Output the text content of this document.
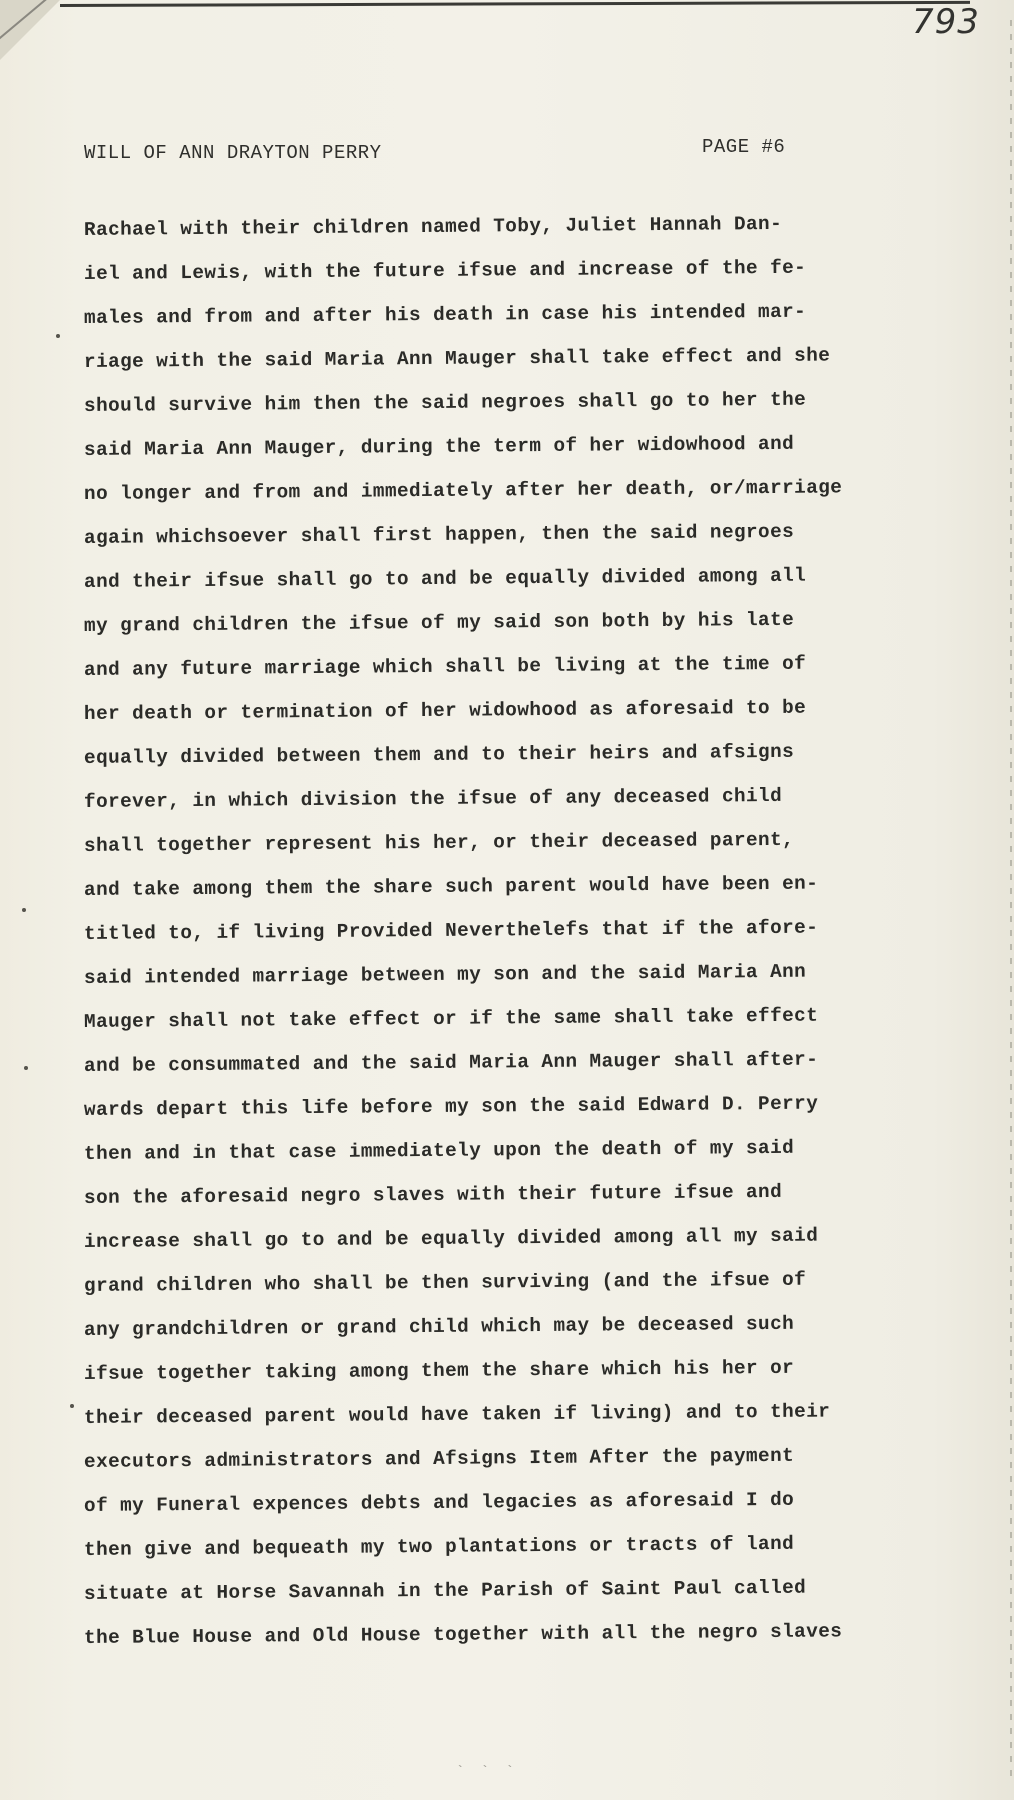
793
WILL OF ANN DRAYTON PERRY	PAGE #6
Rachael with their children named Toby, Juliet Hannah Dan-
iel and Lewis, with the future ifsue and increase of the fe-
males and from and after his death in case his intended mar-
riage with the said Maria Ann Mauger shall take effect and she
should survive him then the said negroes shall go to her the
said Maria Ann Mauger, during the term of her widowhood and
no longer and from and immediately after her death, or/marriage
again whichsoever shall first happen, then the said negroes
and their ifsue shall go to and be equally divided among all
my grand children the ifsue of my said son both by his late
and any future marriage which shall be living at the time of
her death or termination of her widowhood as aforesaid to be
equally divided between them and to their heirs and afsigns
forever, in which division the ifsue of any deceased child
shall together represent his her, or their deceased parent,
and take among them the share such parent would have been en-
titled to, if living Provided Neverthelefs that if the afore-
said intended marriage between my son and the said Maria Ann
Mauger shall not take effect or if the same shall take effect
and be consummated and the said Maria Ann Mauger shall after-
wards depart this life before my son the said Edward D. Perry
then and in that case immediately upon the death of my said
son the aforesaid negro slaves with their future ifsue and
increase shall go to and be equally divided among all my said
grand children who shall be then surviving (and the ifsue of
any grandchildren or grand child which may be deceased such
ifsue together taking among them the share which his her or
their deceased parent would have taken if living) and to their
executors administrators and Afsigns Item After the payment
of my Funeral expences debts and legacies as aforesaid I do
then give and bequeath my two plantations or tracts of land
situate at Horse Savannah in the Parish of Saint Paul called
the Blue House and Old House together with all the negro slaves
` ` `
